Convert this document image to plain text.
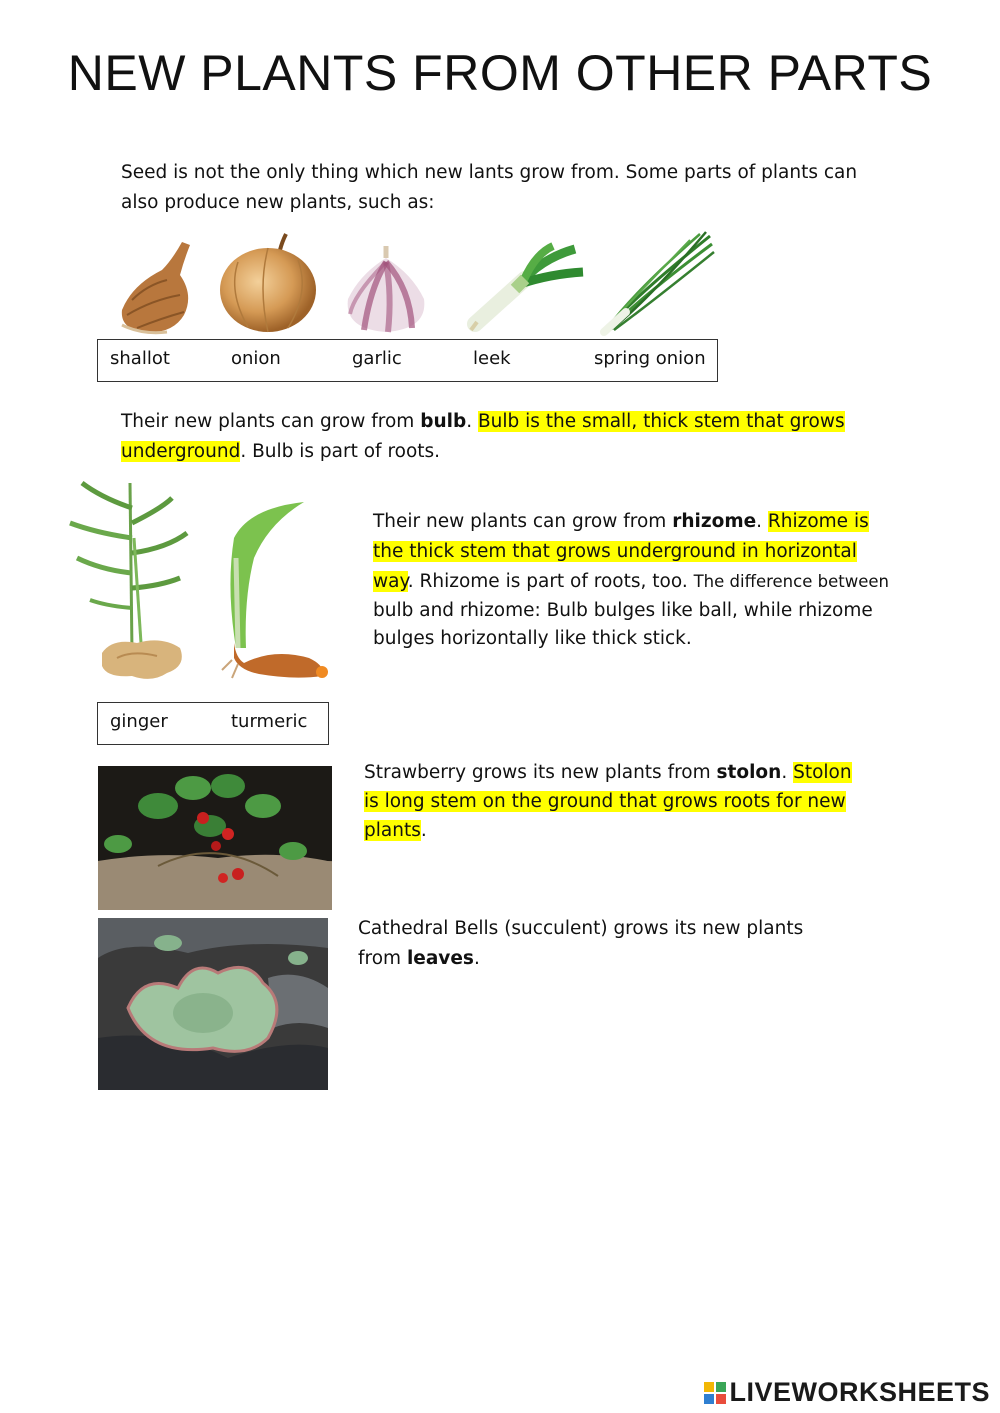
NEW PLANTS FROM OTHER PARTS
Seed is not the only thing which new lants grow from. Some parts of plants can
also produce new plants, such as:
shallot	onion	garlic	leek	spring onion
Their new plants can grow from bulb. Bulb is the small, thick stem that grows
underground. Bulb is part of roots.
Their new plants can grow from rhizome. Rhizome is
the thick stem that grows underground in horizontal
way. Rhizome is part of roots, too. The difference between
bulb and rhizome: Bulb bulges like ball, while rhizome
bulges horizontally like thick stick.
ginger	turmeric
Strawberry grows its new plants from stolon. Stolon
is long stem on the ground that grows roots for new
plants.
Cathedral Bells (succulent) grows its new plants
from leaves.
LIVEWORKSHEETS
